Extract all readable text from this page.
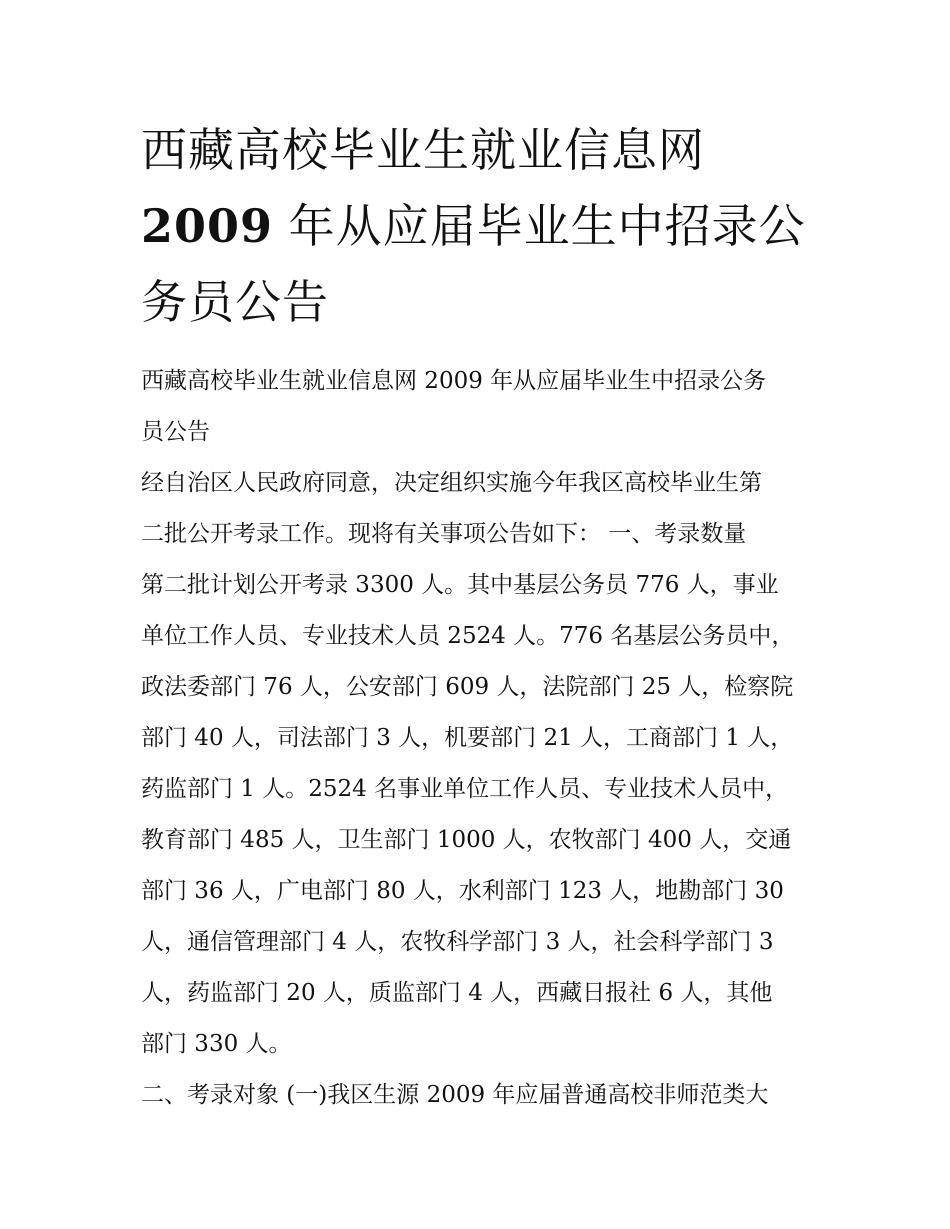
西藏高校毕业生就业信息网
2009 年从应届毕业生中招录公
务员公告
西藏高校毕业生就业信息网 2009 年从应届毕业生中招录公务
员公告
经自治区人民政府同意，决定组织实施今年我区高校毕业生第
二批公开考录工作。现将有关事项公告如下： 一、考录数量
第二批计划公开考录 3300 人。其中基层公务员 776 人，事业
单位工作人员、专业技术人员 2524 人。776 名基层公务员中，
政法委部门 76 人，公安部门 609 人，法院部门 25 人，检察院
部门 40 人，司法部门 3 人，机要部门 21 人，工商部门 1 人，
药监部门 1 人。2524 名事业单位工作人员、专业技术人员中，
教育部门 485 人，卫生部门 1000 人，农牧部门 400 人，交通
部门 36 人，广电部门 80 人，水利部门 123 人，地勘部门 30
人，通信管理部门 4 人，农牧科学部门 3 人，社会科学部门 3
人，药监部门 20 人，质监部门 4 人，西藏日报社 6 人，其他
部门 330 人。
二、考录对象 (一)我区生源 2009 年应届普通高校非师范类大
